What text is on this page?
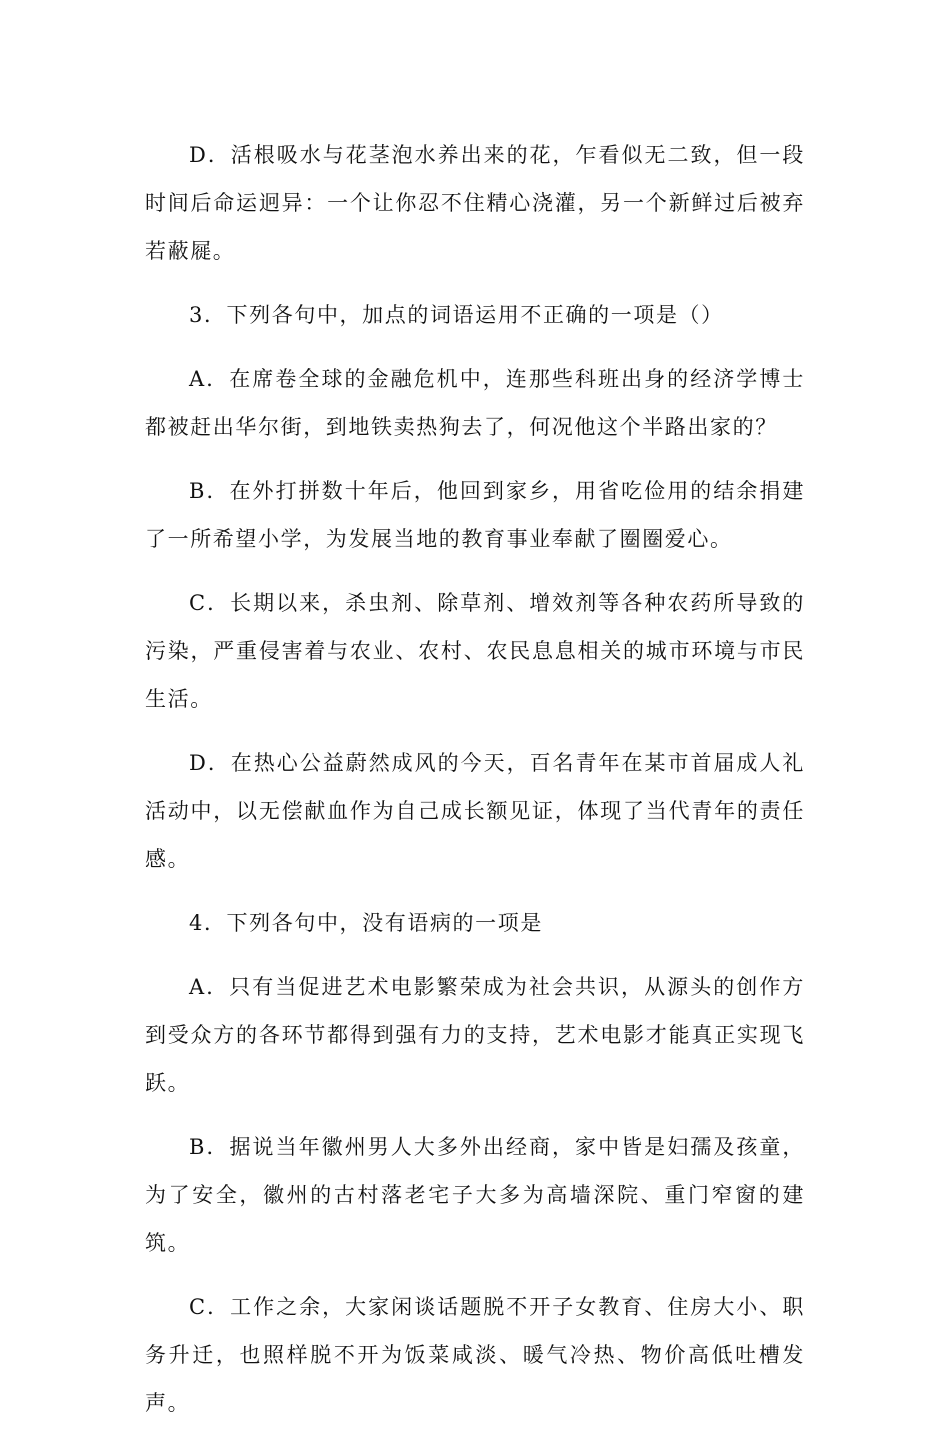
D．活根吸水与花茎泡水养出来的花，乍看似无二致，但一段时间后命运迥异：一个让你忍不住精心浇灌，另一个新鲜过后被弃若蔽屣。

3．下列各句中，加点的词语运用不正确的一项是（）

A．在席卷全球的金融危机中，连那些科班出身的经济学博士都被赶出华尔街，到地铁卖热狗去了，何况他这个半路出家的？

B．在外打拼数十年后，他回到家乡，用省吃俭用的结余捐建了一所希望小学，为发展当地的教育事业奉献了圈圈爱心。

C．长期以来，杀虫剂、除草剂、增效剂等各种农药所导致的污染，严重侵害着与农业、农村、农民息息相关的城市环境与市民生活。

D．在热心公益蔚然成风的今天，百名青年在某市首届成人礼活动中，以无偿献血作为自己成长额见证，体现了当代青年的责任感。

4．下列各句中，没有语病的一项是

A．只有当促进艺术电影繁荣成为社会共识，从源头的创作方到受众方的各环节都得到强有力的支持，艺术电影才能真正实现飞跃。

B．据说当年徽州男人大多外出经商，家中皆是妇孺及孩童，为了安全，徽州的古村落老宅子大多为高墙深院、重门窄窗的建筑。

C．工作之余，大家闲谈话题脱不开子女教育、住房大小、职务升迁，也照样脱不开为饭菜咸淡、暖气冷热、物价高低吐槽发声。
